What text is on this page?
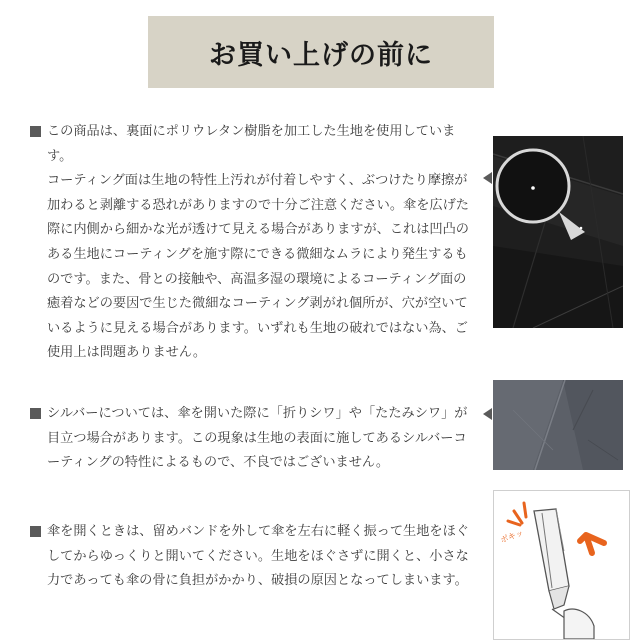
お買い上げの前に
この商品は、裏面にポリウレタン樹脂を加工した生地を使用しています。
コーティング面は生地の特性上汚れが付着しやすく、ぶつけたり摩擦が加わると剥離する恐れがありますので十分ご注意ください。傘を広げた際に内側から細かな光が透けて見える場合がありますが、これは凹凸のある生地にコーティングを施す際にできる微細なムラにより発生するものです。また、骨との接触や、高温多湿の環境によるコーティング面の癒着などの要因で生じた微細なコーティング剥がれ個所が、穴が空いているように見える場合があります。いずれも生地の破れではない為、ご使用上は問題ありません。
シルバーについては、傘を開いた際に「折りシワ」や「たたみシワ」が目立つ場合があります。この現象は生地の表面に施してあるシルバーコーティングの特性によるもので、不良ではございません。
傘を開くときは、留めバンドを外して傘を左右に軽く振って生地をほぐしてからゆっくりと開いてください。生地をほぐさずに開くと、小さな力であっても傘の骨に負担がかかり、破損の原因となってしまいます。
ポキッ
